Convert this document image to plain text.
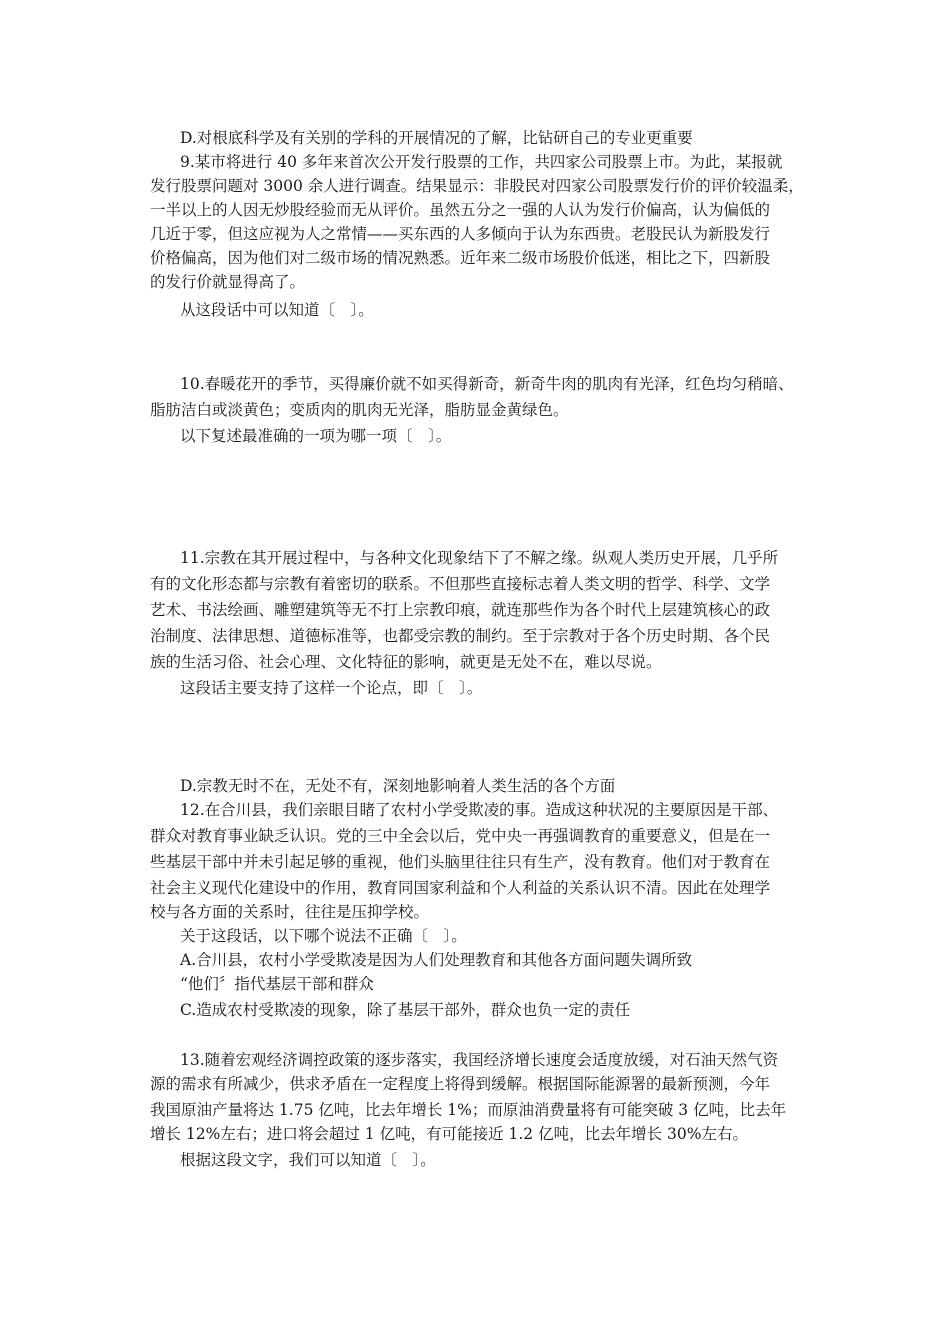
D.对根底科学及有关别的学科的开展情况的了解，比钻研自己的专业更重要
9.某市将进行 40 多年来首次公开发行股票的工作，共四家公司股票上市。为此，某报就
发行股票问题对 3000 余人进行调查。结果显示：非股民对四家公司股票发行价的评价较温柔，
一半以上的人因无炒股经验而无从评价。虽然五分之一强的人认为发行价偏高，认为偏低的
几近于零，但这应视为人之常情——买东西的人多倾向于认为东西贵。老股民认为新股发行
价格偏高，因为他们对二级市场的情况熟悉。近年来二级市场股价低迷，相比之下，四新股
的发行价就显得高了。
从这段话中可以知道〔　〕。
10.春暖花开的季节，买得廉价就不如买得新奇，新奇牛肉的肌肉有光泽，红色均匀稍暗、
脂肪洁白或淡黄色；变质肉的肌肉无光泽，脂肪显金黄绿色。
以下复述最准确的一项为哪一项〔　〕。
11.宗教在其开展过程中，与各种文化现象结下了不解之缘。纵观人类历史开展，几乎所
有的文化形态都与宗教有着密切的联系。不但那些直接标志着人类文明的哲学、科学、文学
艺术、书法绘画、雕塑建筑等无不打上宗教印痕，就连那些作为各个时代上层建筑核心的政
治制度、法律思想、道德标准等，也都受宗教的制约。至于宗教对于各个历史时期、各个民
族的生活习俗、社会心理、文化特征的影响，就更是无处不在，难以尽说。
这段话主要支持了这样一个论点，即〔　〕。
D.宗教无时不在，无处不有，深刻地影响着人类生活的各个方面
12.在合川县，我们亲眼目睹了农村小学受欺凌的事。造成这种状况的主要原因是干部、
群众对教育事业缺乏认识。党的三中全会以后，党中央一再强调教育的重要意义，但是在一
些基层干部中并未引起足够的重视，他们头脑里往往只有生产，没有教育。他们对于教育在
社会主义现代化建设中的作用，教育同国家利益和个人利益的关系认识不清。因此在处理学
校与各方面的关系时，往往是压抑学校。
关于这段话，以下哪个说法不正确〔　〕。
A.合川县，农村小学受欺凌是因为人们处理教育和其他各方面问题失调所致
“他们〞指代基层干部和群众
C.造成农村受欺凌的现象，除了基层干部外，群众也负一定的责任
13.随着宏观经济调控政策的逐步落实，我国经济增长速度会适度放缓，对石油天然气资
源的需求有所减少，供求矛盾在一定程度上将得到缓解。根据国际能源署的最新预测，今年
我国原油产量将达 1.75 亿吨，比去年增长 1%；而原油消费量将有可能突破 3 亿吨，比去年
增长 12%左右；进口将会超过 1 亿吨，有可能接近 1.2 亿吨，比去年增长 30%左右。
根据这段文字，我们可以知道〔　〕。
